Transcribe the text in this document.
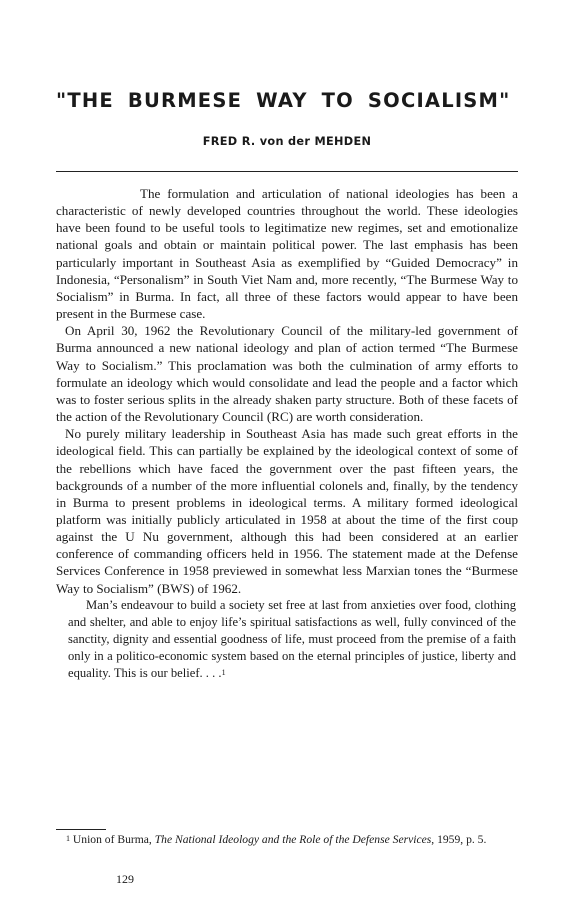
"THE BURMESE WAY TO SOCIALISM"

FRED R. von der MEHDEN

The formulation and articulation of national ideologies has been a characteristic of newly developed countries throughout the world. These ideologies have been found to be useful tools to legitimatize new regimes, set and emotionalize national goals and obtain or maintain political power. The last emphasis has been particularly important in Southeast Asia as exemplified by “Guided Democracy” in Indonesia, “Personalism” in South Viet Nam and, more recently, “The Burmese Way to Socialism” in Burma. In fact, all three of these factors would appear to have been present in the Burmese case.

On April 30, 1962 the Revolutionary Council of the military-led government of Burma announced a new national ideology and plan of action termed “The Burmese Way to Socialism.” This proclamation was both the culmination of army efforts to formulate an ideology which would consolidate and lead the people and a factor which was to foster serious splits in the already shaken party structure. Both of these facets of the action of the Revolutionary Council (RC) are worth consideration.

No purely military leadership in Southeast Asia has made such great efforts in the ideological field. This can partially be explained by the ideological context of some of the rebellions which have faced the government over the past fifteen years, the backgrounds of a number of the more influential colonels and, finally, by the tendency in Burma to present problems in ideological terms. A military formed ideological platform was initially publicly articulated in 1958 at about the time of the first coup against the U Nu government, although this had been considered at an earlier conference of commanding officers held in 1956. The statement made at the Defense Services Conference in 1958 previewed in somewhat less Marxian tones the “Burmese Way to Socialism” (BWS) of 1962.

Man’s endeavour to build a society set free at last from anxieties over food, clothing and shelter, and able to enjoy life’s spiritual satisfactions as well, fully convinced of the sanctity, dignity and essential goodness of life, must proceed from the premise of a faith only in a politico-economic system based on the eternal principles of justice, liberty and equality. This is our belief. . . .$^1$

$^1$ Union of Burma, The National Ideology and the Role of the Defense Services, 1959, p. 5.

129
